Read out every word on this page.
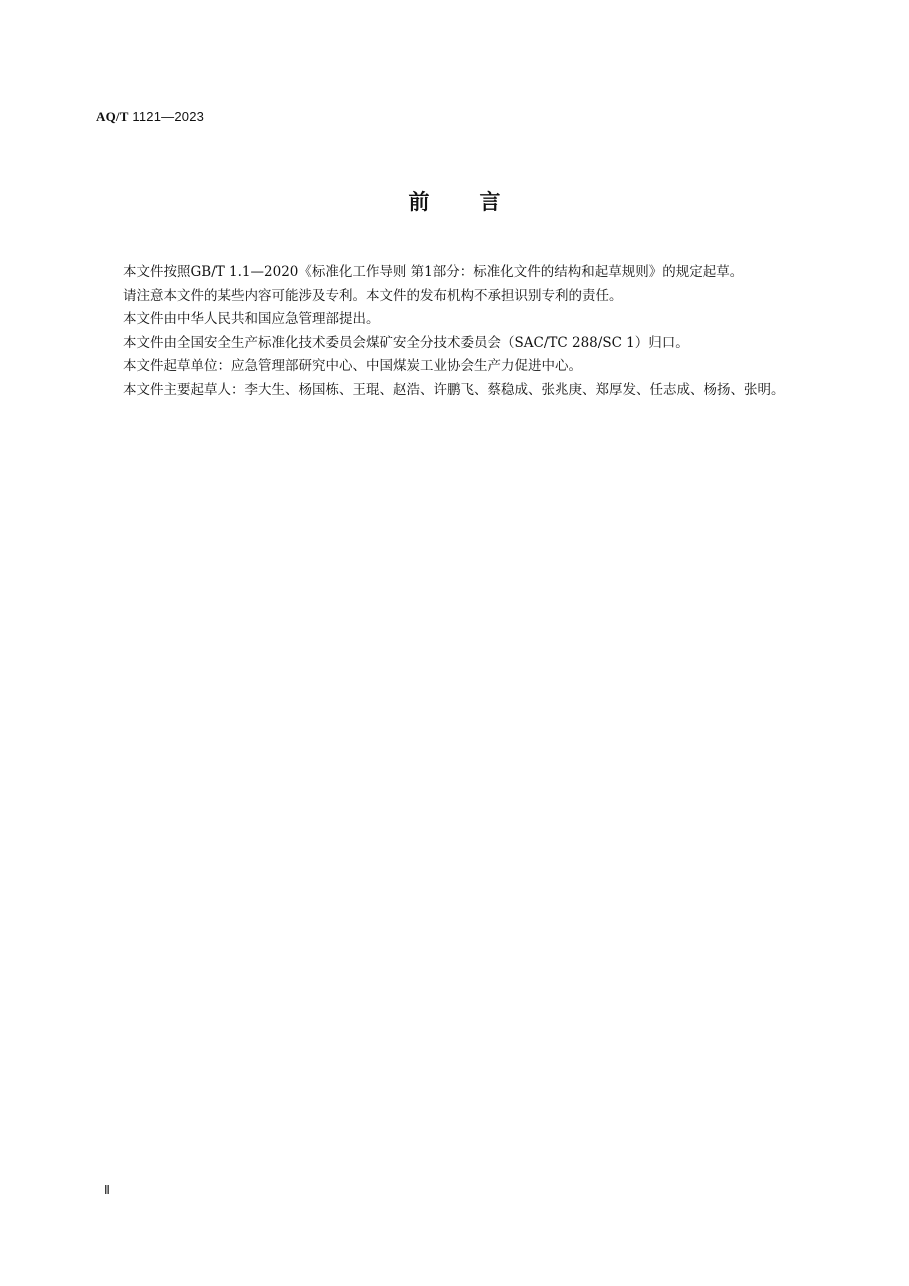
AQ/T 1121—2023
前言

本文件按照GB/T 1.1—2020《标准化工作导则 第1部分：标准化文件的结构和起草规则》的规定起草。

请注意本文件的某些内容可能涉及专利。本文件的发布机构不承担识别专利的责任。

本文件由中华人民共和国应急管理部提出。

本文件由全国安全生产标准化技术委员会煤矿安全分技术委员会（SAC/TC 288/SC 1）归口。

本文件起草单位：应急管理部研究中心、中国煤炭工业协会生产力促进中心。

本文件主要起草人：李大生、杨国栋、王琨、赵浩、许鹏飞、蔡稳成、张兆庚、郑厚发、任志成、杨扬、张明。

Ⅱ
